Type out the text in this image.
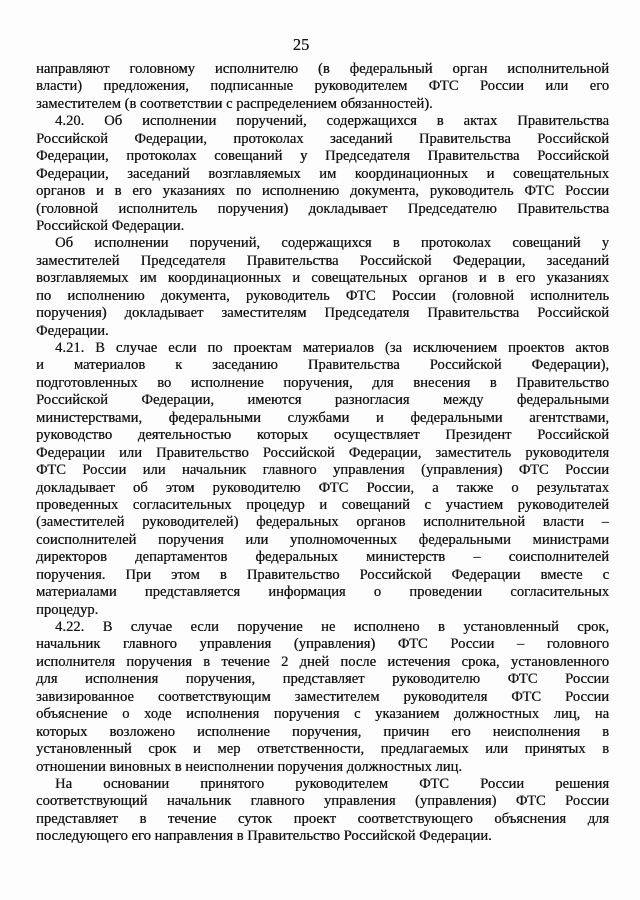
25
направляют головному исполнителю (в федеральный орган исполнительной
власти) предложения, подписанные руководителем ФТС России или его
заместителем (в соответствии с распределением обязанностей).
4.20. Об исполнении поручений, содержащихся в актах Правительства
Российской Федерации, протоколах заседаний Правительства Российской
Федерации, протоколах совещаний у Председателя Правительства Российской
Федерации, заседаний возглавляемых им координационных и совещательных
органов и в его указаниях по исполнению документа, руководитель ФТС России
(головной исполнитель поручения) докладывает Председателю Правительства
Российской Федерации.
Об исполнении поручений, содержащихся в протоколах совещаний у
заместителей Председателя Правительства Российской Федерации, заседаний
возглавляемых им координационных и совещательных органов и в его указаниях
по исполнению документа, руководитель ФТС России (головной исполнитель
поручения) докладывает заместителям Председателя Правительства Российской
Федерации.
4.21. В случае если по проектам материалов (за исключением проектов актов
и материалов к заседанию Правительства Российской Федерации),
подготовленных во исполнение поручения, для внесения в Правительство
Российской Федерации, имеются разногласия между федеральными
министерствами, федеральными службами и федеральными агентствами,
руководство деятельностью которых осуществляет Президент Российской
Федерации или Правительство Российской Федерации, заместитель руководителя
ФТС России или начальник главного управления (управления) ФТС России
докладывает об этом руководителю ФТС России, а также о результатах
проведенных согласительных процедур и совещаний с участием руководителей
(заместителей руководителей) федеральных органов исполнительной власти –
соисполнителей поручения или уполномоченных федеральными министрами
директоров департаментов федеральных министерств – соисполнителей
поручения. При этом в Правительство Российской Федерации вместе с
материалами представляется информация о проведении согласительных
процедур.
4.22. В случае если поручение не исполнено в установленный срок,
начальник главного управления (управления) ФТС России – головного
исполнителя поручения в течение 2 дней после истечения срока, установленного
для исполнения поручения, представляет руководителю ФТС России
завизированное соответствующим заместителем руководителя ФТС России
объяснение о ходе исполнения поручения с указанием должностных лиц, на
которых возложено исполнение поручения, причин его неисполнения в
установленный срок и мер ответственности, предлагаемых или принятых в
отношении виновных в неисполнении поручения должностных лиц.
На основании принятого руководителем ФТС России решения
соответствующий начальник главного управления (управления) ФТС России
представляет в течение суток проект соответствующего объяснения для
последующего его направления в Правительство Российской Федерации.
